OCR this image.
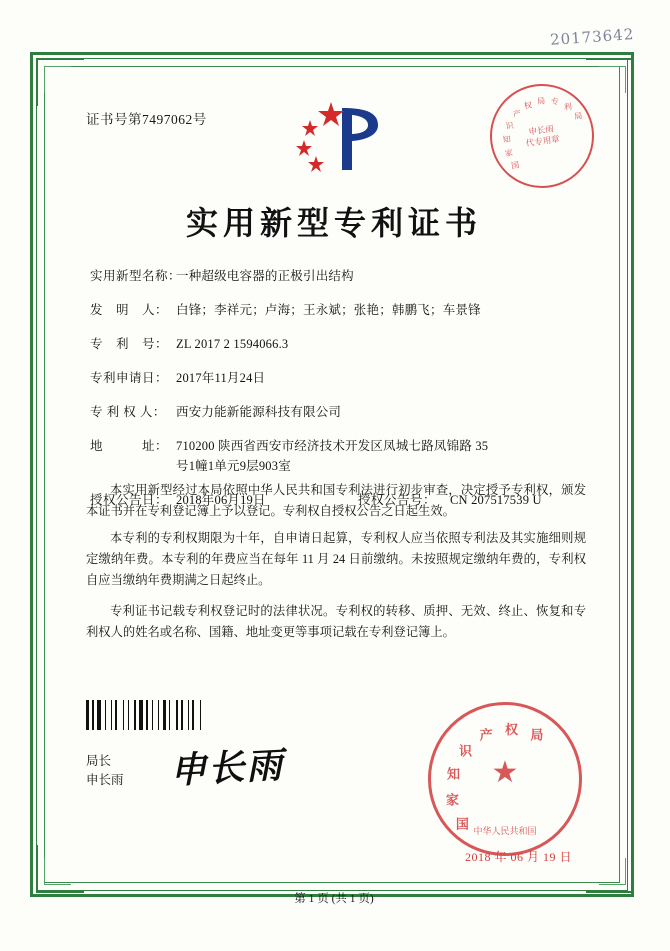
20173642
证书号第7497062号
国
家
知
识
产
权 局 专
利
局
申长雨
代专用章
实用新型专利证书
实用新型名称：
一种超级电容器的正极引出结构
发　明　人： 白锋；李祥元；卢海；王永斌；张艳；韩鹏飞；车景锋
专　利　号： ZL 2017 2 1594066.3
专利申请日： 2017年11月24日
专 利 权 人： 西安力能新能源科技有限公司
地　　　址： 710200 陕西省西安市经济技术开发区凤城七路凤锦路 35
号1幢1单元9层903室
授权公告日： 2018年06月19日	授权公告号：	CN 207517539 U

本实用新型经过本局依照中华人民共和国专利法进行初步审查，决定授予专利权，颁发本证书并在专利登记簿上予以登记。专利权自授权公告之日起生效。

本专利的专利权期限为十年，自申请日起算，专利权人应当依照专利法及其实施细则规定缴纳年费。本专利的年费应当在每年 11 月 24 日前缴纳。未按照规定缴纳年费的，专利权自应当缴纳年费期满之日起终止。

专利证书记载专利权登记时的法律状况。专利权的转移、质押、无效、终止、恢复和专利权人的姓名或名称、国籍、地址变更等事项记载在专利登记簿上。

局长
申长雨 申长雨
国
家
知
识
产 权 局
★
中华人民共和国
2018 年 06 月 19 日
第 1 页 (共 1 页)
